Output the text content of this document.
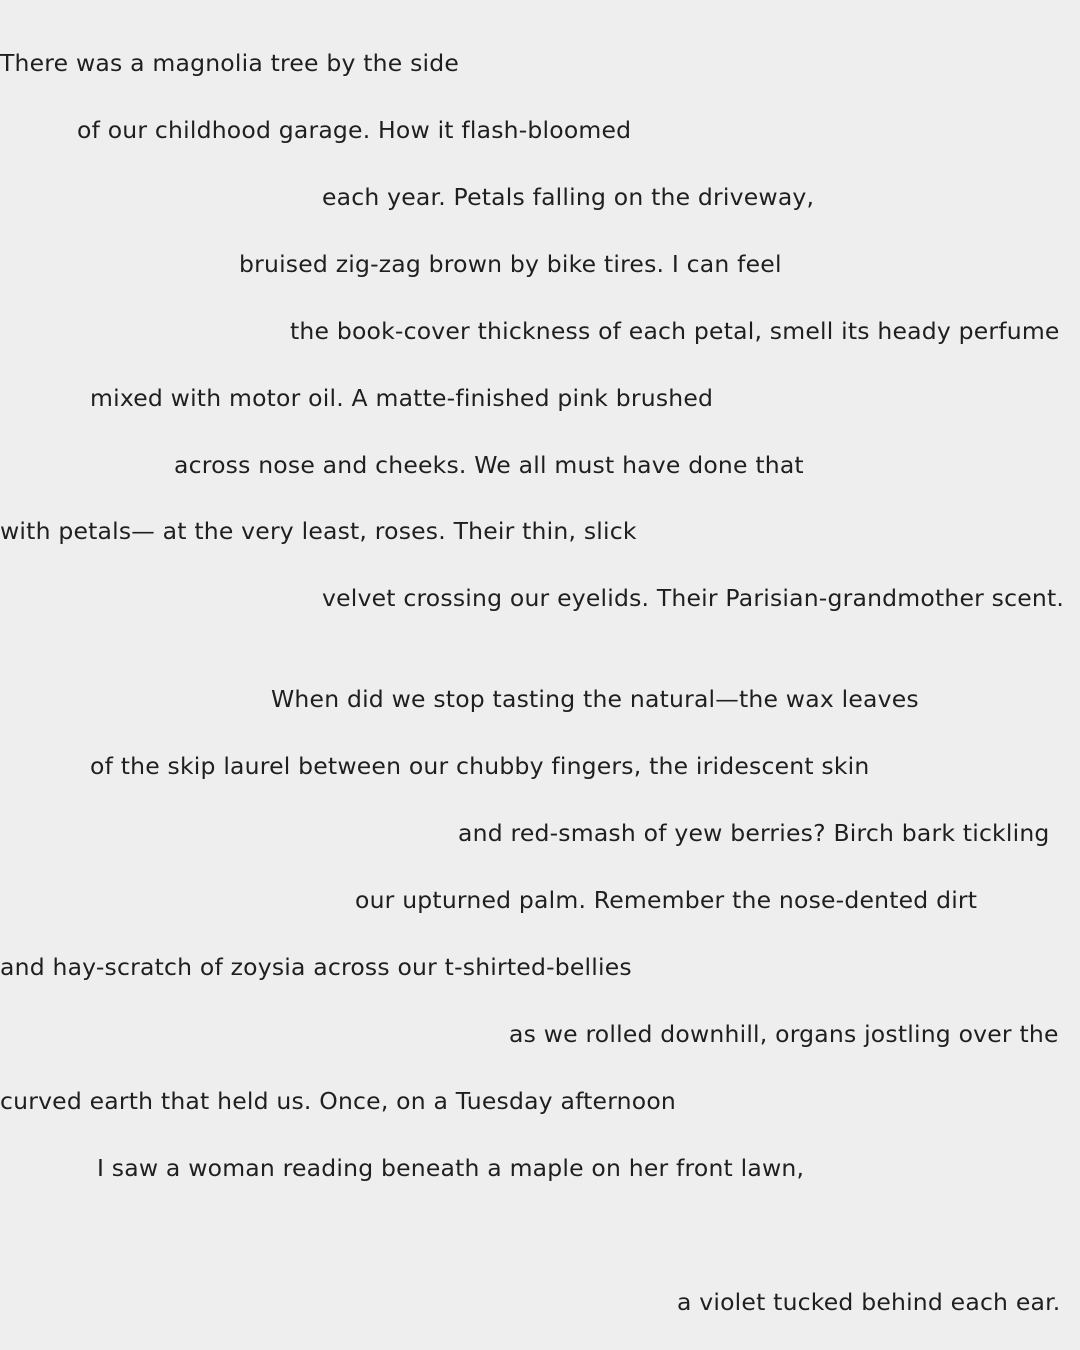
There was a magnolia tree by the side
of our childhood garage. How it flash-bloomed
each year. Petals falling on the driveway,
bruised zig-zag brown by bike tires. I can feel
the book-cover thickness of each petal, smell its heady perfume
mixed with motor oil. A matte-finished pink brushed
across nose and cheeks. We all must have done that
with petals— at the very least, roses. Their thin, slick
velvet crossing our eyelids. Their Parisian-grandmother scent.
When did we stop tasting the natural—the wax leaves
of the skip laurel between our chubby fingers, the iridescent skin
and red-smash of yew berries? Birch bark tickling
our upturned palm. Remember the nose-dented dirt
and hay-scratch of zoysia across our t-shirted-bellies
as we rolled downhill, organs jostling over the
curved earth that held us. Once, on a Tuesday afternoon
I saw a woman reading beneath a maple on her front lawn,
a violet tucked behind each ear.
